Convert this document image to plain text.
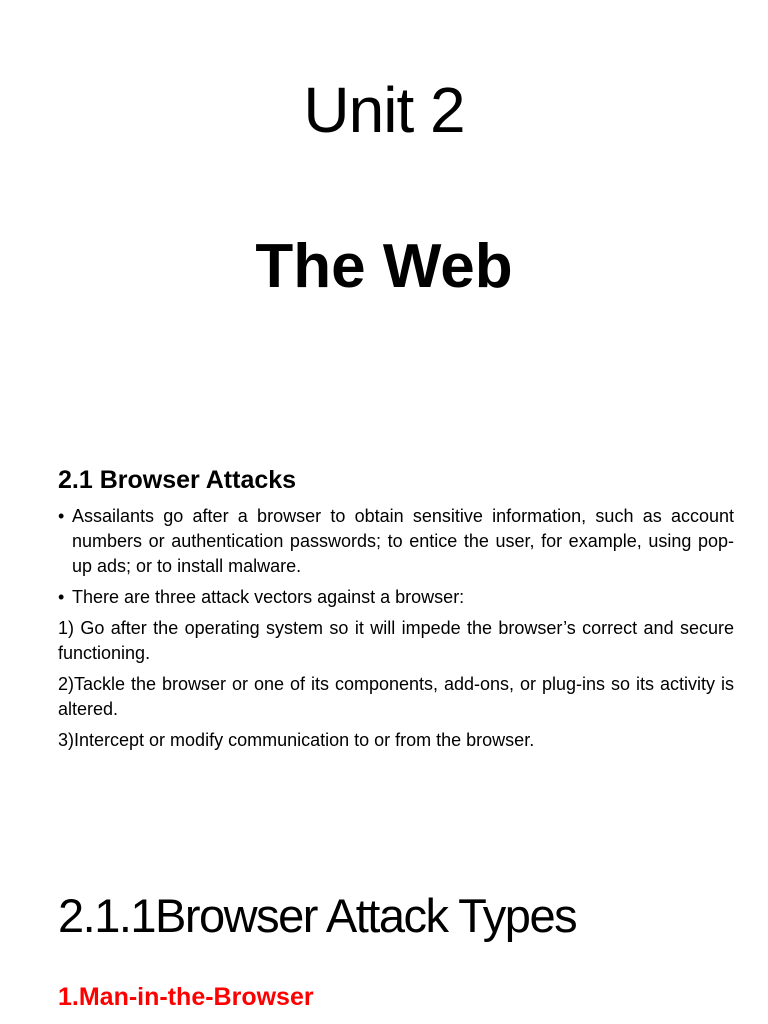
Unit 2
The Web
2.1 Browser Attacks
• Assailants go after a browser to obtain sensitive information, such as account numbers or authentication passwords; to entice the user, for example, using pop-up ads; or to install malware.
• There are three attack vectors against a browser:

1) Go after the operating system so it will impede the browser’s correct and secure functioning.

2)Tackle the browser or one of its components, add-ons, or plug-ins so its activity is altered.

3)Intercept or modify communication to or from the browser.

2.1.1Browser Attack Types
1.Man-in-the-Browser
